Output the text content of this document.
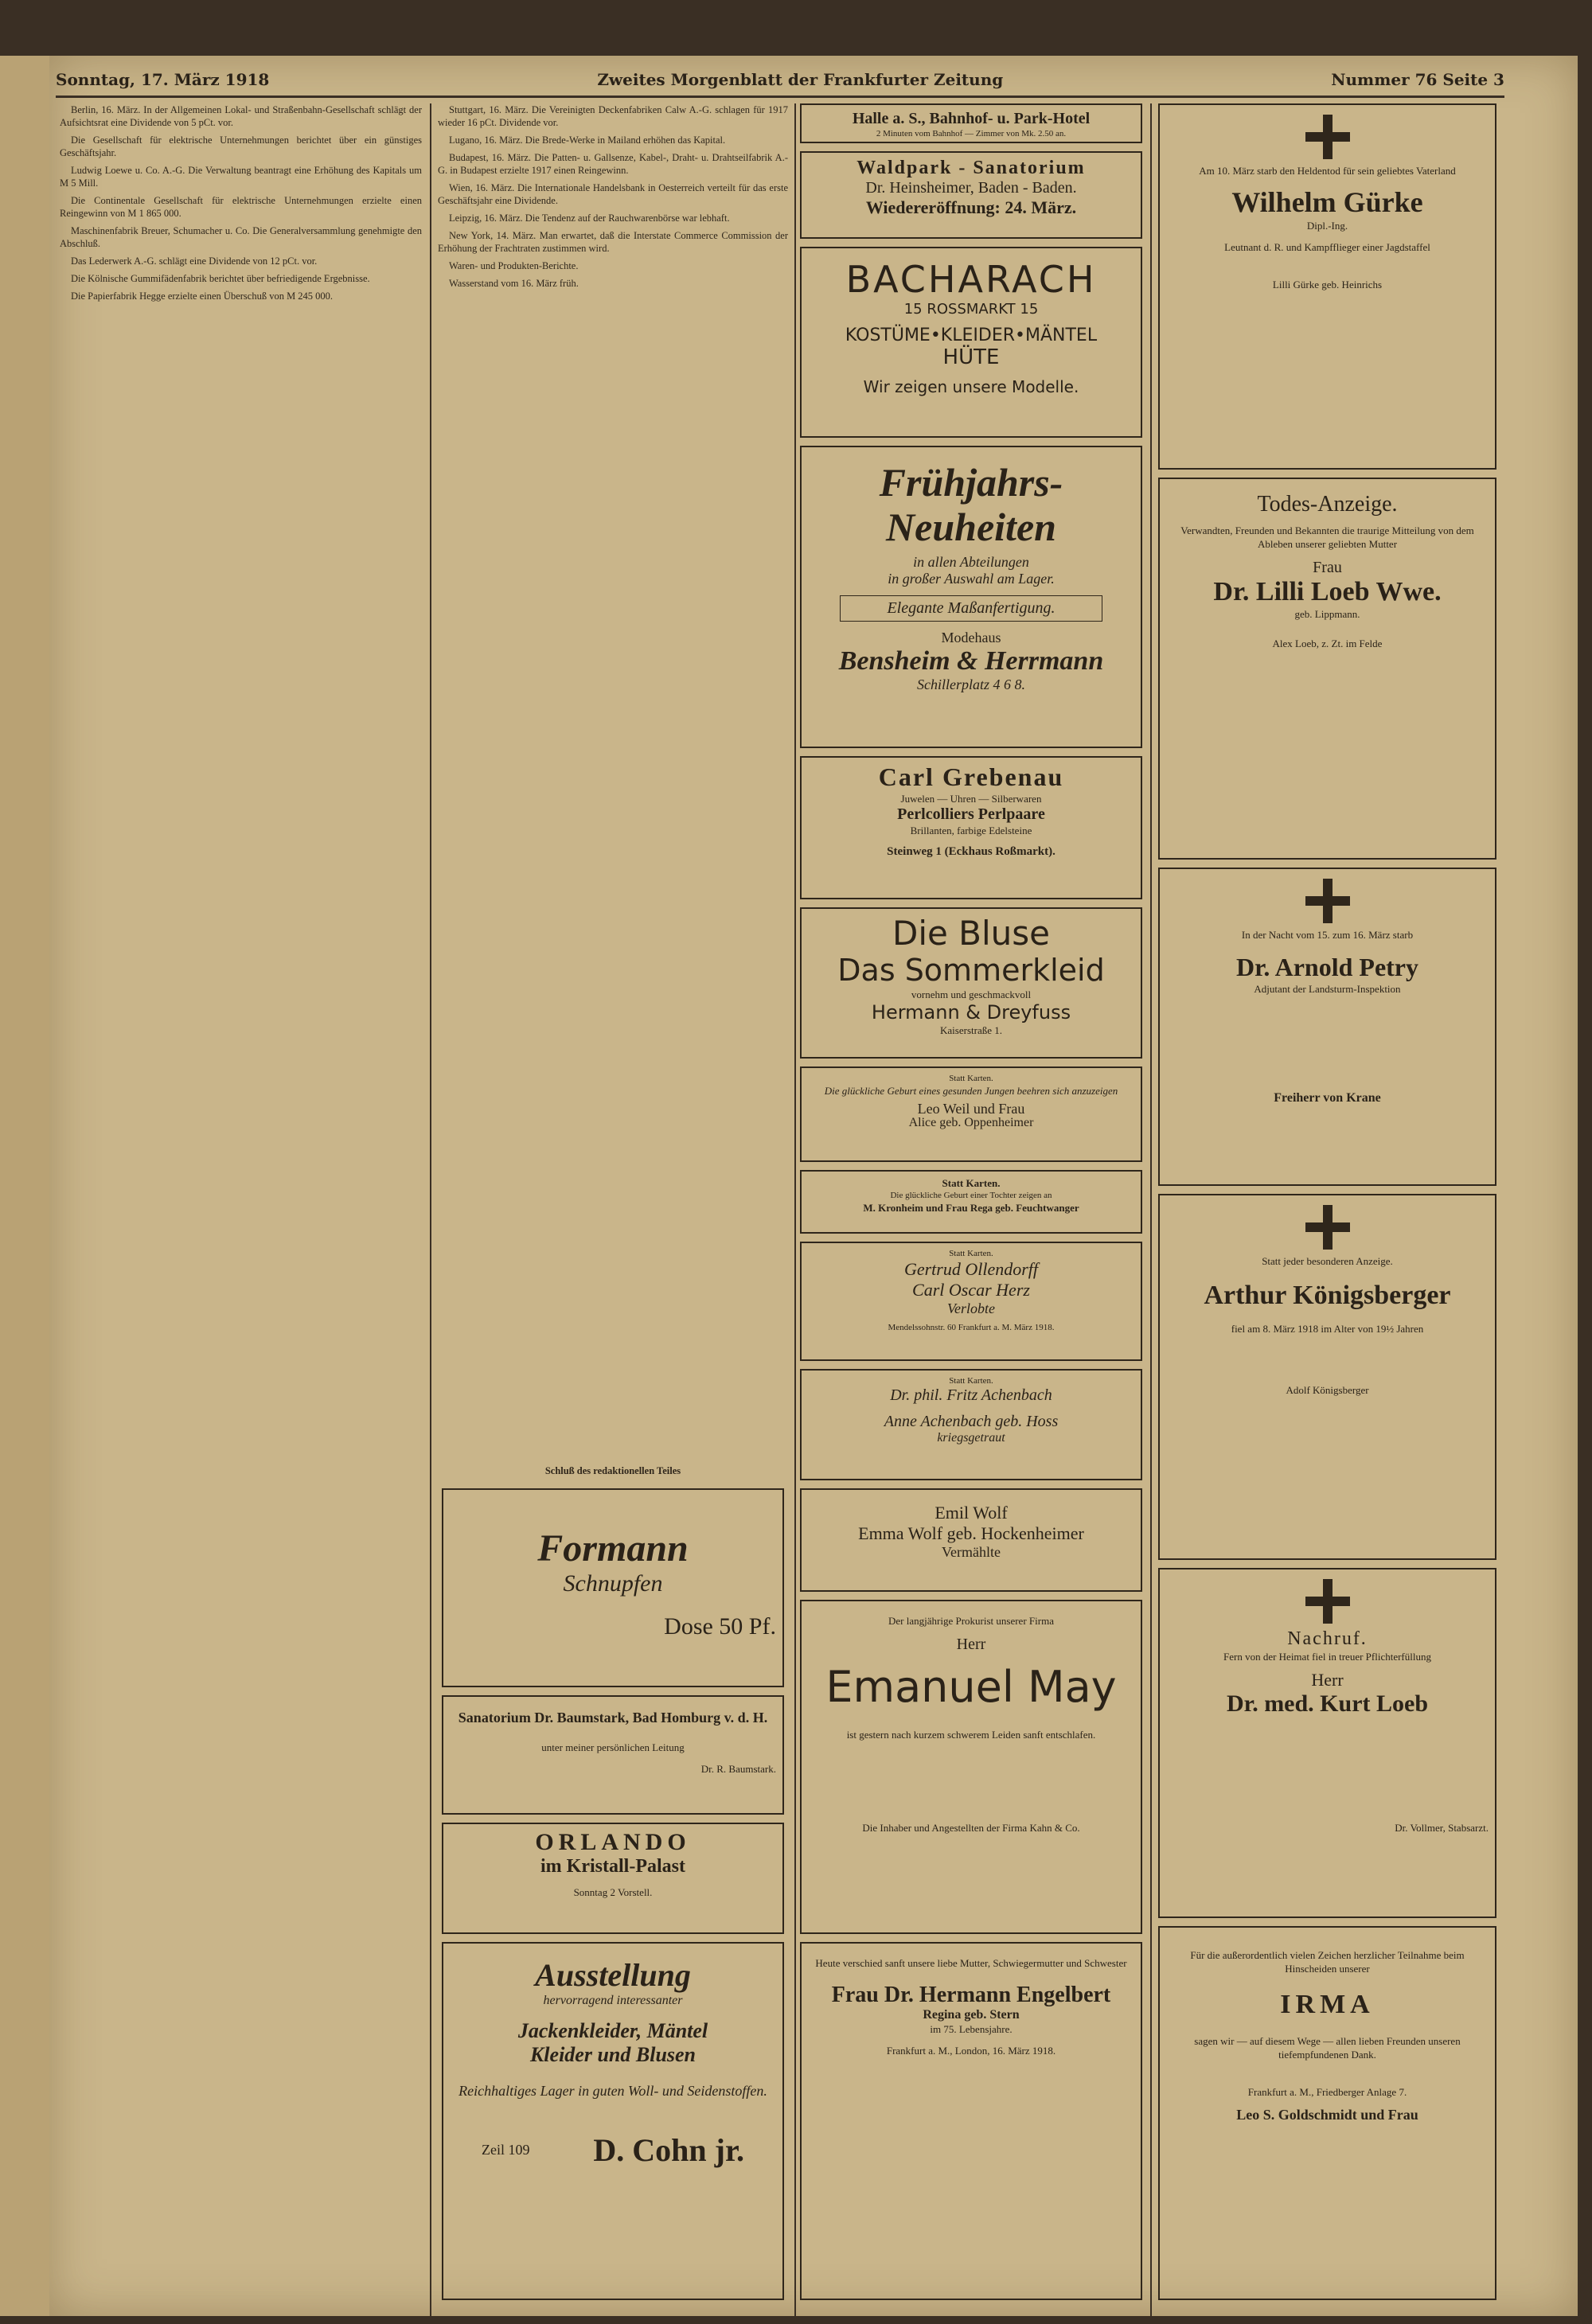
Sonntag, 17. März 1918	Zweites Morgenblatt der Frankfurter Zeitung	Nummer 76 Seite 3

Berlin, 16. März. In der Allgemeinen Lokal- und Straßenbahn-Gesellschaft schlägt der Aufsichtsrat eine Dividende von 5 pCt. vor.

Die Gesellschaft für elektrische Unternehmungen berichtet über ein günstiges Geschäftsjahr.

Ludwig Loewe u. Co. A.-G. Die Verwaltung beantragt eine Erhöhung des Kapitals um M 5 Mill.

Die Continentale Gesellschaft für elektrische Unternehmungen erzielte einen Reingewinn von M 1 865 000.

Maschinenfabrik Breuer, Schumacher u. Co. Die Generalversammlung genehmigte den Abschluß.

Das Lederwerk A.-G. schlägt eine Dividende von 12 pCt. vor.

Die Kölnische Gummifädenfabrik berichtet über befriedigende Ergebnisse.

Die Papierfabrik Hegge erzielte einen Überschuß von M 245 000.

Stuttgart, 16. März. Die Vereinigten Deckenfabriken Calw A.-G. schlagen für 1917 wieder 16 pCt. Dividende vor.

Lugano, 16. März. Die Brede-Werke in Mailand erhöhen das Kapital.

Budapest, 16. März. Die Patten- u. Gallsenze, Kabel-, Draht- u. Drahtseilfabrik A.-G. in Budapest erzielte 1917 einen Reingewinn.

Wien, 16. März. Die Internationale Handelsbank in Oesterreich verteilt für das erste Geschäftsjahr eine Dividende.

Leipzig, 16. März. Die Tendenz auf der Rauchwarenbörse war lebhaft.

New York, 14. März. Man erwartet, daß die Interstate Commerce Commission der Erhöhung der Frachtraten zustimmen wird.

Waren- und Produkten-Berichte.

Wasserstand vom 16. März früh.

Schluß des redaktionellen Teiles
Formann
Schnupfen
Dose 50 Pf.
Sanatorium Dr. Baumstark, Bad Homburg v. d. H.
unter meiner persönlichen Leitung
Dr. R. Baumstark.
ORLANDO
im Kristall-Palast
Sonntag 2 Vorstell.
Ausstellung
hervorragend interessanter
Jackenkleider, Mäntel
Kleider und Blusen
Reichhaltiges Lager in guten Woll- und Seidenstoffen.
Zeil 109 D. Cohn jr.
Halle a. S., Bahnhof- u. Park-Hotel
2 Minuten vom Bahnhof — Zimmer von Mk. 2.50 an.
Waldpark - Sanatorium
Dr. Heinsheimer, Baden - Baden.
Wiedereröffnung: 24. März.
BACHARACH
15 ROSSMARKT 15
KOSTÜME•KLEIDER•MÄNTEL
HÜTE
Wir zeigen unsere Modelle.
Frühjahrs-Neuheiten
in allen Abteilungen
in großer Auswahl am Lager.
Elegante Maßanfertigung.
Modehaus
Bensheim & Herrmann
Schillerplatz 4 6 8.
Carl Grebenau
Juwelen — Uhren — Silberwaren
Perlcolliers Perlpaare
Brillanten, farbige Edelsteine
Steinweg 1 (Eckhaus Roßmarkt).
Die Bluse
Das Sommerkleid
vornehm und geschmackvoll
Hermann & Dreyfuss
Kaiserstraße 1.
Statt Karten.
Die glückliche Geburt eines gesunden Jungen beehren sich anzuzeigen
Leo Weil und Frau
Alice geb. Oppenheimer
Statt Karten.
Die glückliche Geburt einer Tochter zeigen an
M. Kronheim und Frau Rega geb. Feuchtwanger
Statt Karten.
Gertrud Ollendorff
Carl Oscar Herz
Verlobte
Mendelssohnstr. 60 Frankfurt a. M. März 1918.
Statt Karten.
Dr. phil. Fritz Achenbach
Anne Achenbach geb. Hoss
kriegsgetraut
Emil Wolf
Emma Wolf geb. Hockenheimer
Vermählte
Der langjährige Prokurist unserer Firma
Herr
Emanuel May
ist gestern nach kurzem schwerem Leiden sanft entschlafen.
Die Inhaber und Angestellten der Firma Kahn & Co.
Heute verschied sanft unsere liebe Mutter, Schwiegermutter und Schwester
Frau Dr. Hermann Engelbert
Regina geb. Stern
im 75. Lebensjahre.
Frankfurt a. M., London, 16. März 1918.
Am 10. März starb den Heldentod für sein geliebtes Vaterland
Wilhelm Gürke
Dipl.-Ing.
Leutnant d. R. und Kampfflieger einer Jagdstaffel
Lilli Gürke geb. Heinrichs
Todes-Anzeige.
Verwandten, Freunden und Bekannten die traurige Mitteilung von dem Ableben unserer geliebten Mutter
Frau
Dr. Lilli Loeb Wwe.
geb. Lippmann.
Alex Loeb, z. Zt. im Felde
In der Nacht vom 15. zum 16. März starb
Dr. Arnold Petry
Adjutant der Landsturm-Inspektion
Freiherr von Krane
Statt jeder besonderen Anzeige.
Arthur Königsberger
fiel am 8. März 1918 im Alter von 19½ Jahren
Adolf Königsberger
Nachruf.
Fern von der Heimat fiel in treuer Pflichterfüllung
Herr
Dr. med. Kurt Loeb
Dr. Vollmer, Stabsarzt.
Für die außerordentlich vielen Zeichen herzlicher Teilnahme beim Hinscheiden unserer
IRMA
sagen wir — auf diesem Wege — allen lieben Freunden unseren tiefempfundenen Dank.
Frankfurt a. M., Friedberger Anlage 7.
Leo S. Goldschmidt und Frau
